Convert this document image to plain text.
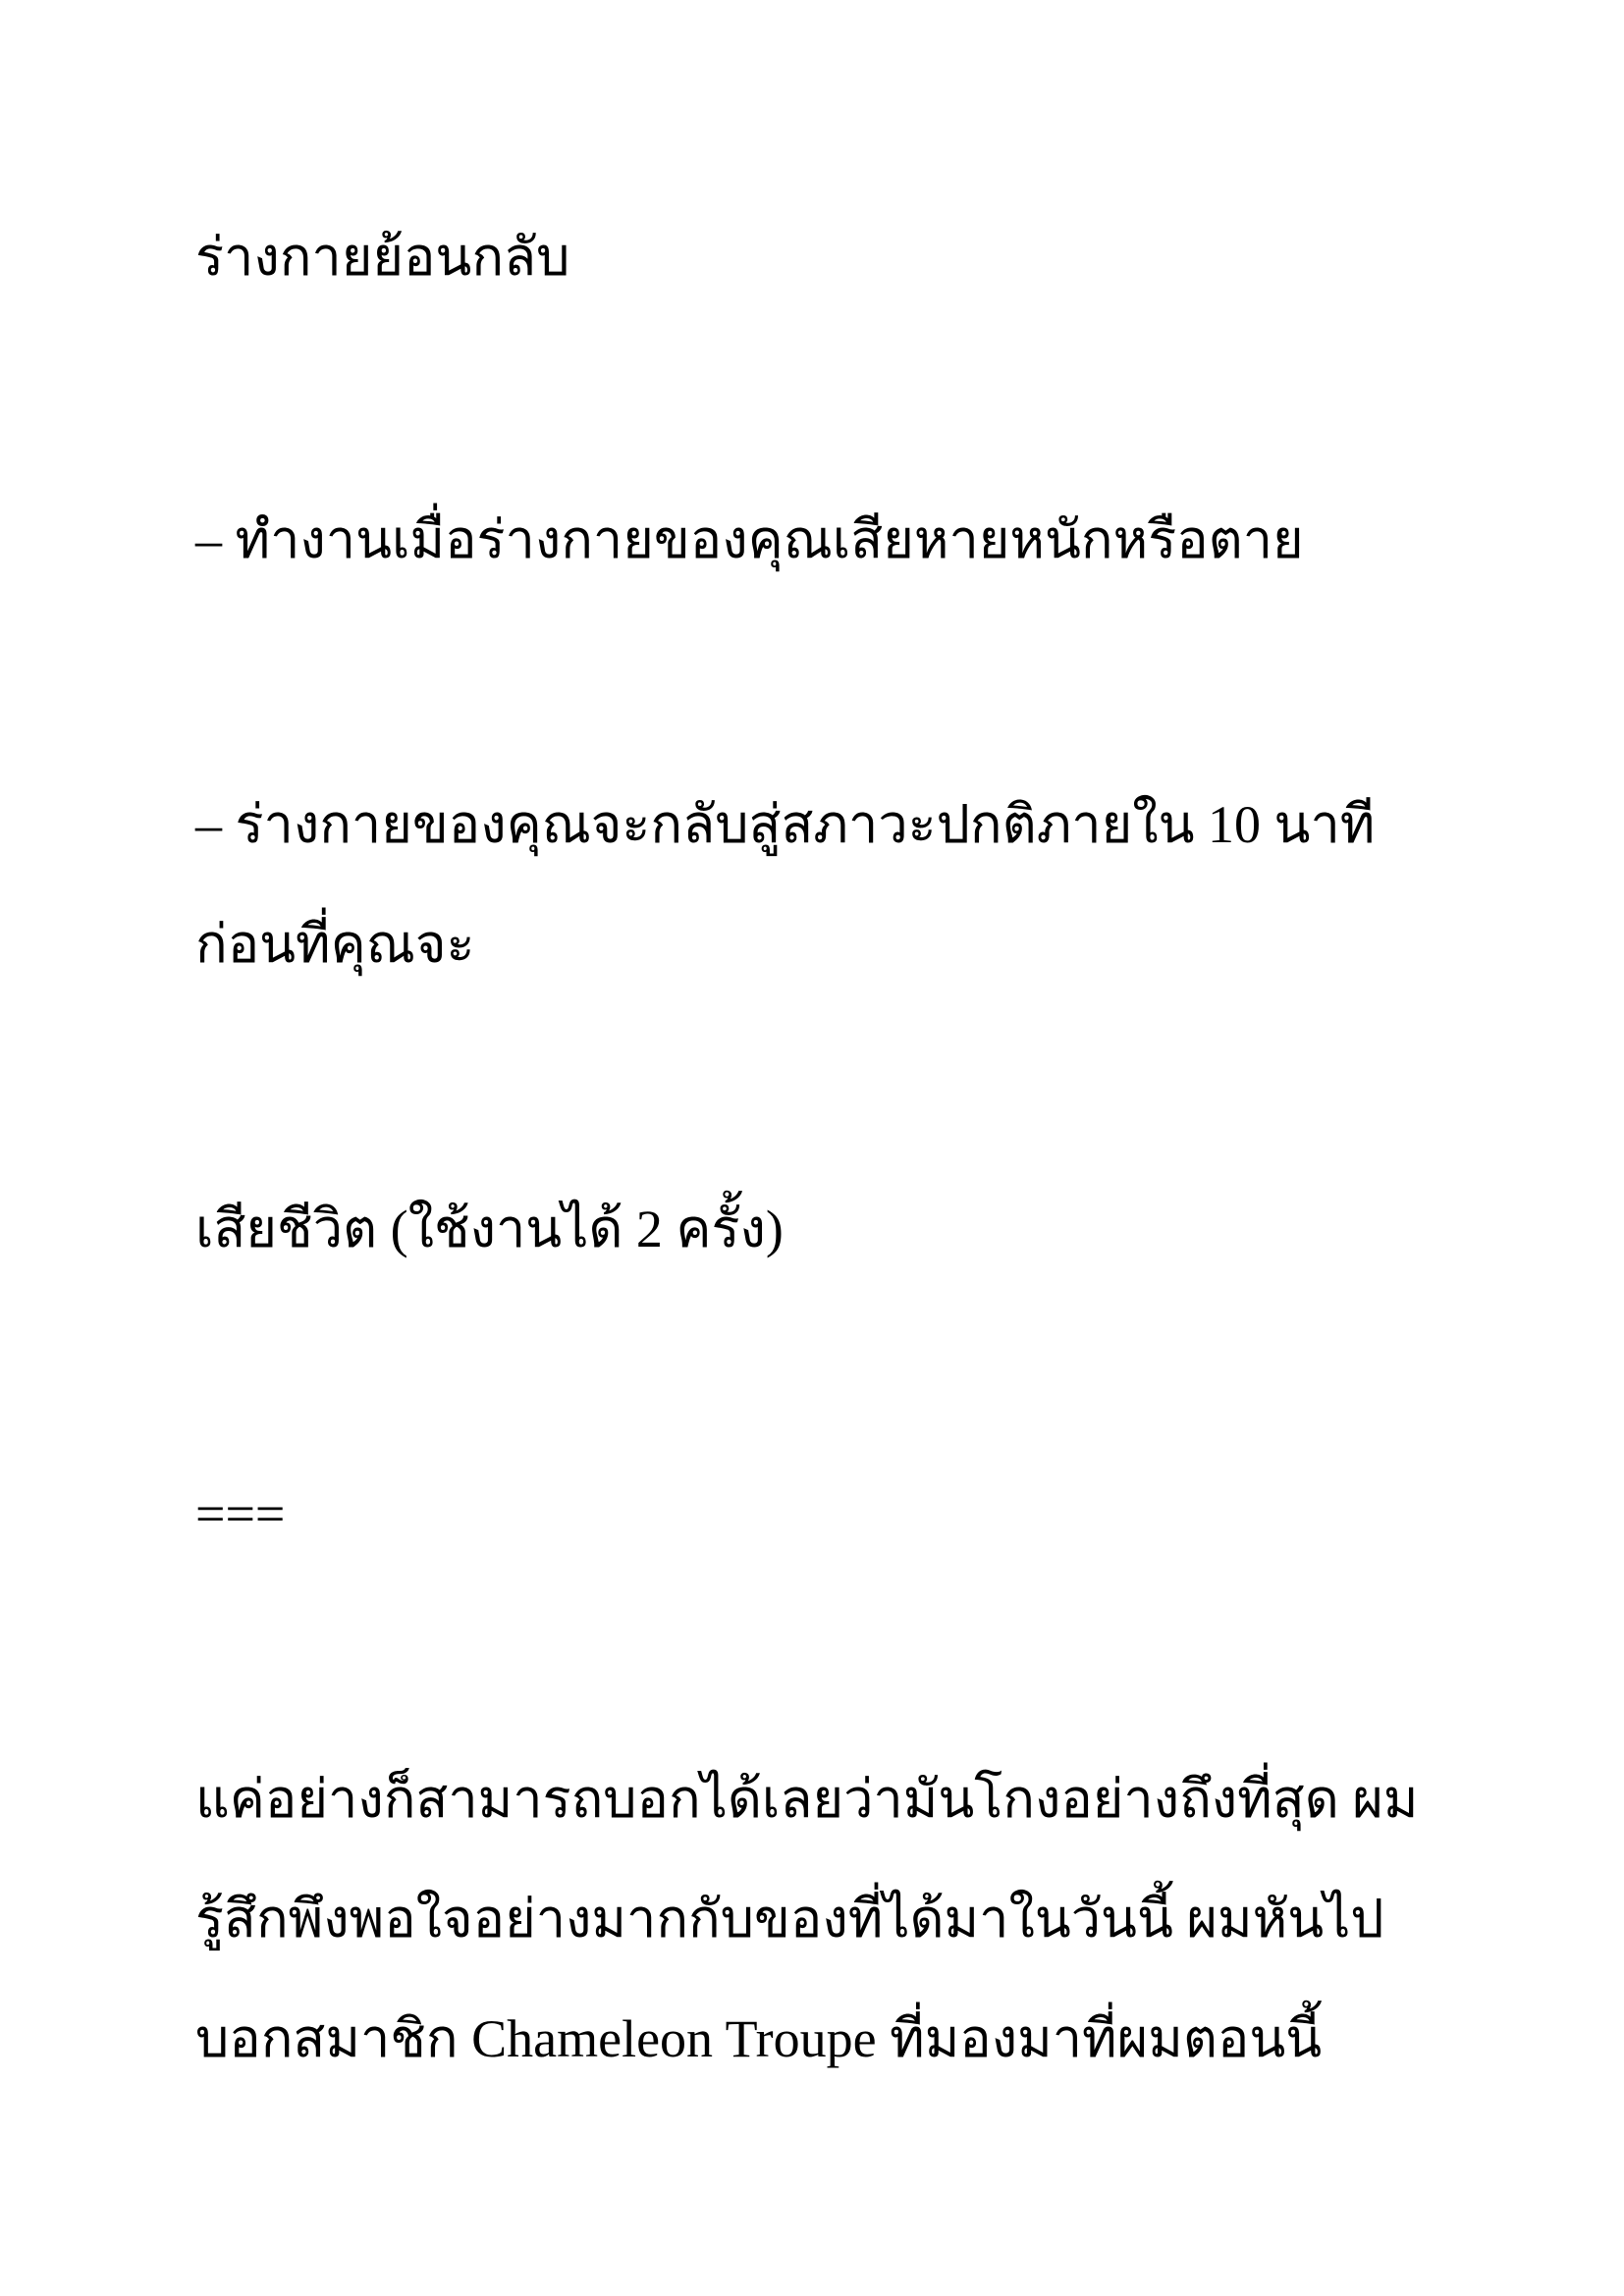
ร่างกายย้อนกลับ

– ทำงานเมื่อร่างกายของคุณเสียหายหนักหรือตาย

– ร่างกายของคุณจะกลับสู่สภาวะปกติภายใน 10 นาที

ก่อนที่คุณจะ

เสียชีวิต (ใช้งานได้ 2 ครั้ง)

===

แค่อย่างก็สามารถบอกได้เลยว่ามันโกงอย่างถึงที่สุด ผม

รู้สึกพึงพอใจอย่างมากกับของที่ได้มาในวันนี้ ผมหันไป

บอกสมาชิก Chameleon Troupe ที่มองมาที่ผมตอนนี้
